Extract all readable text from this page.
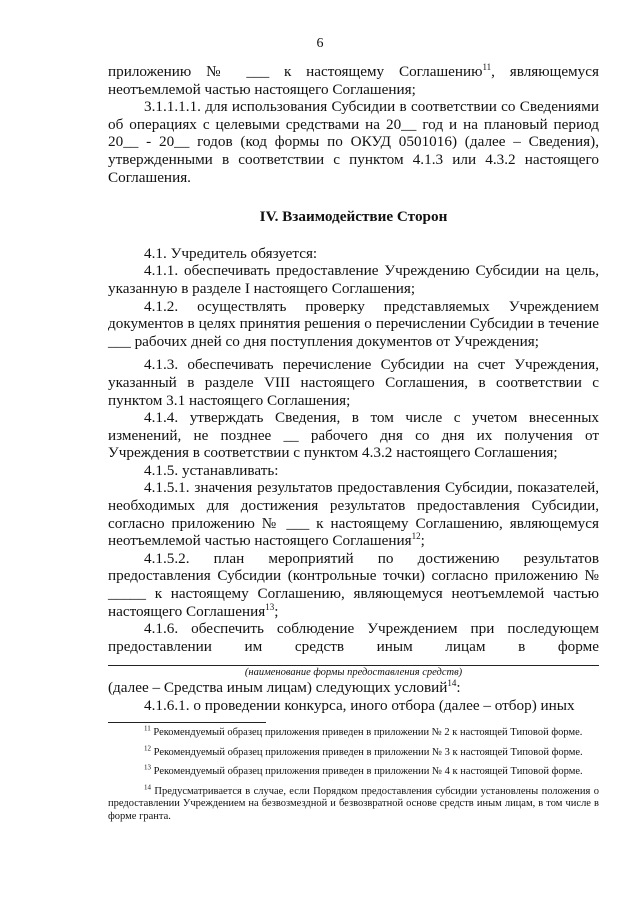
6

приложению № ___ к настоящему Соглашению$^{11}$, являющемуся неотъемлемой частью настоящего Соглашения;

3.1.1.1.1. для использования Субсидии в соответствии со Сведениями об операциях с целевыми средствами на 20__ год и на плановый период 20__ - 20__ годов (код формы по ОКУД 0501016) (далее – Сведения), утвержденными в соответствии с пунктом 4.1.3 или 4.3.2 настоящего Соглашения.

IV. Взаимодействие Сторон

4.1. Учредитель обязуется:

4.1.1. обеспечивать предоставление Учреждению Субсидии на цель, указанную в разделе I настоящего Соглашения;

4.1.2. осуществлять проверку представляемых Учреждением документов в целях принятия решения о перечислении Субсидии в течение ___ рабочих дней со дня поступления документов от Учреждения;

4.1.3. обеспечивать перечисление Субсидии на счет Учреждения, указанный в разделе VIII настоящего Соглашения, в соответствии с пунктом 3.1 настоящего Соглашения;

4.1.4. утверждать Сведения, в том числе с учетом внесенных изменений, не позднее __ рабочего дня со дня их получения от Учреждения в соответствии с пунктом 4.3.2 настоящего Соглашения;

4.1.5. устанавливать:

4.1.5.1. значения результатов предоставления Субсидии, показателей, необходимых для достижения результатов предоставления Субсидии, согласно приложению № ___ к настоящему Соглашению, являющемуся неотъемлемой частью настоящего Соглашения$^{12}$;

4.1.5.2. план мероприятий по достижению результатов предоставления Субсидии (контрольные точки) согласно приложению № _____ к настоящему Соглашению, являющемуся неотъемлемой частью настоящего Соглашения$^{13}$;

4.1.6. обеспечить соблюдение Учреждением при последующем предоставлении им средств иным лицам в форме

(наименование формы предоставления средств)

(далее – Средства иным лицам) следующих условий$^{14}$:

4.1.6.1. о проведении конкурса, иного отбора (далее – отбор) иных

$^{11}$ Рекомендуемый образец приложения приведен в приложении № 2 к настоящей Типовой форме.

$^{12}$ Рекомендуемый образец приложения приведен в приложении № 3 к настоящей Типовой форме.

$^{13}$ Рекомендуемый образец приложения приведен в приложении № 4 к настоящей Типовой форме.

$^{14}$ Предусматривается в случае, если Порядком предоставления субсидии установлены положения о предоставлении Учреждением на безвозмездной и безвозвратной основе средств иным лицам, в том числе в форме гранта.
